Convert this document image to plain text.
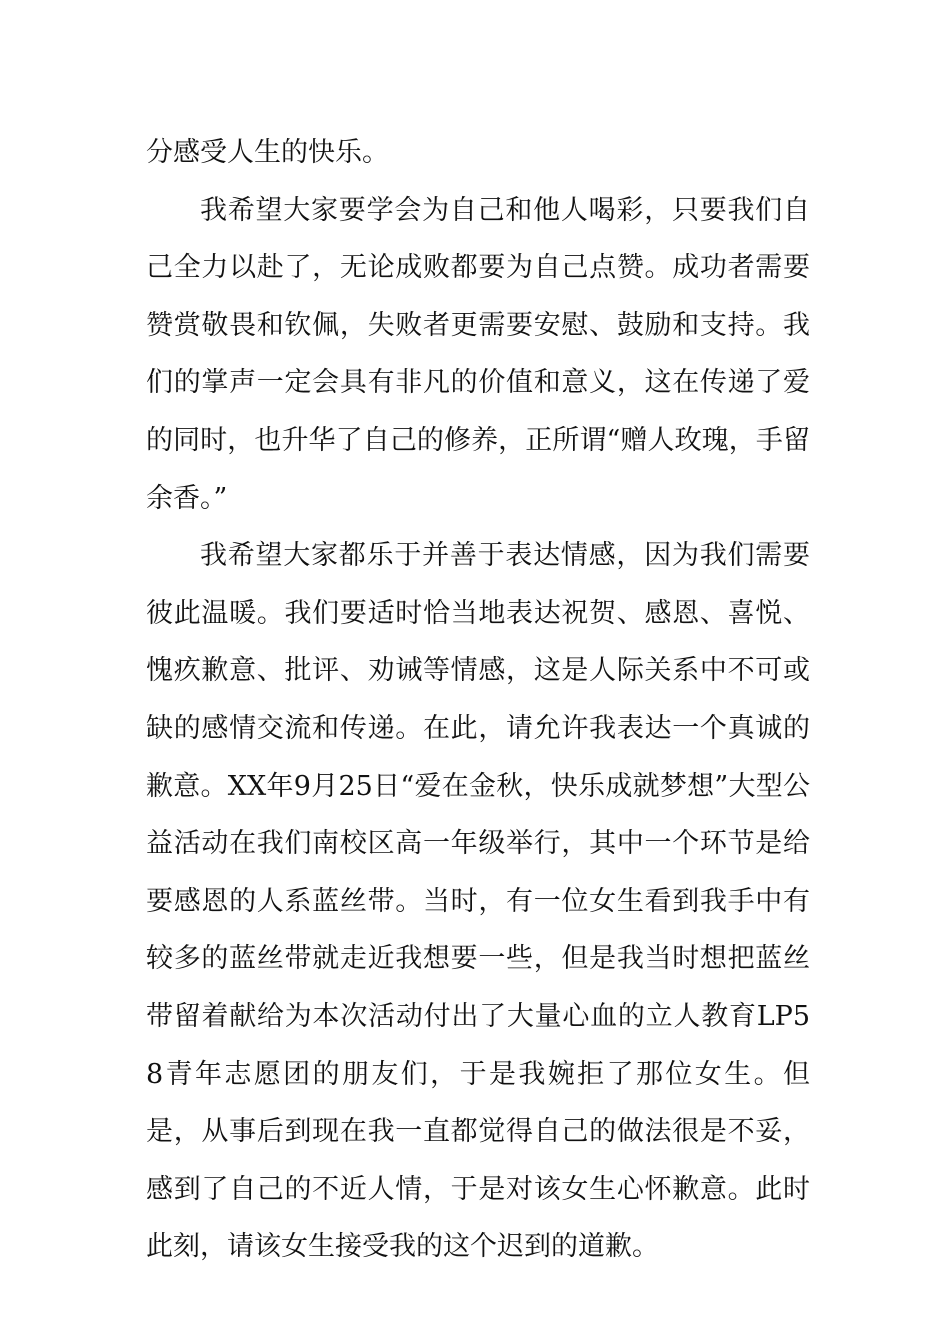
分感受人生的快乐。

我希望大家要学会为自己和他人喝彩，只要我们自己全力以赴了，无论成败都要为自己点赞。成功者需要赞赏敬畏和钦佩，失败者更需要安慰、鼓励和支持。我们的掌声一定会具有非凡的价值和意义，这在传递了爱的同时，也升华了自己的修养，正所谓“赠人玫瑰，手留余香。”

我希望大家都乐于并善于表达情感，因为我们需要彼此温暖。我们要适时恰当地表达祝贺、感恩、喜悦、愧疚歉意、批评、劝诫等情感，这是人际关系中不可或缺的感情交流和传递。在此，请允许我表达一个真诚的歉意。XX年9月25日“爱在金秋，快乐成就梦想”大型公益活动在我们南校区高一年级举行，其中一个环节是给要感恩的人系蓝丝带。当时，有一位女生看到我手中有较多的蓝丝带就走近我想要一些，但是我当时想把蓝丝带留着献给为本次活动付出了大量心血的立人教育LP58青年志愿团的朋友们，于是我婉拒了那位女生。但是，从事后到现在我一直都觉得自己的做法很是不妥，感到了自己的不近人情，于是对该女生心怀歉意。此时此刻，请该女生接受我的这个迟到的道歉。
